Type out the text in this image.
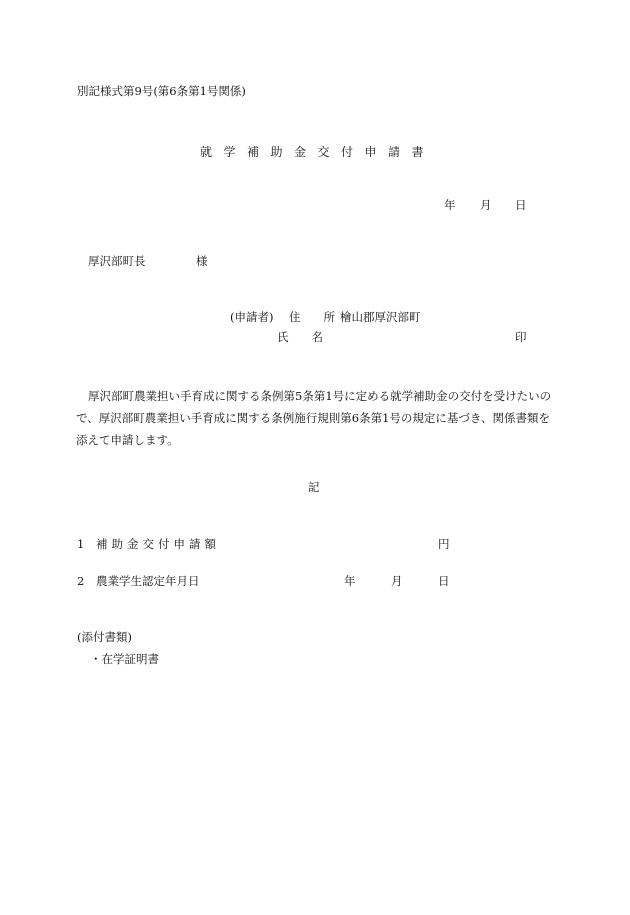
別記様式第9号(第6条第1号関係)
就学補助金交付申請書
年 月 日
厚沢部町長	様
(申請者) 住　　所 檜山郡厚沢部町
氏　　名	印
厚沢部町農業担い手育成に関する条例第5条第1号に定める就学補助金の交付を受けたいので、厚沢部町農業担い手育成に関する条例施行規則第6条第1号の規定に基づき、関係書類を添えて申請します。
記
1 補助金交付申請額	円
2 農業学生認定年月日	年	月	日
(添付書類)
・在学証明書
